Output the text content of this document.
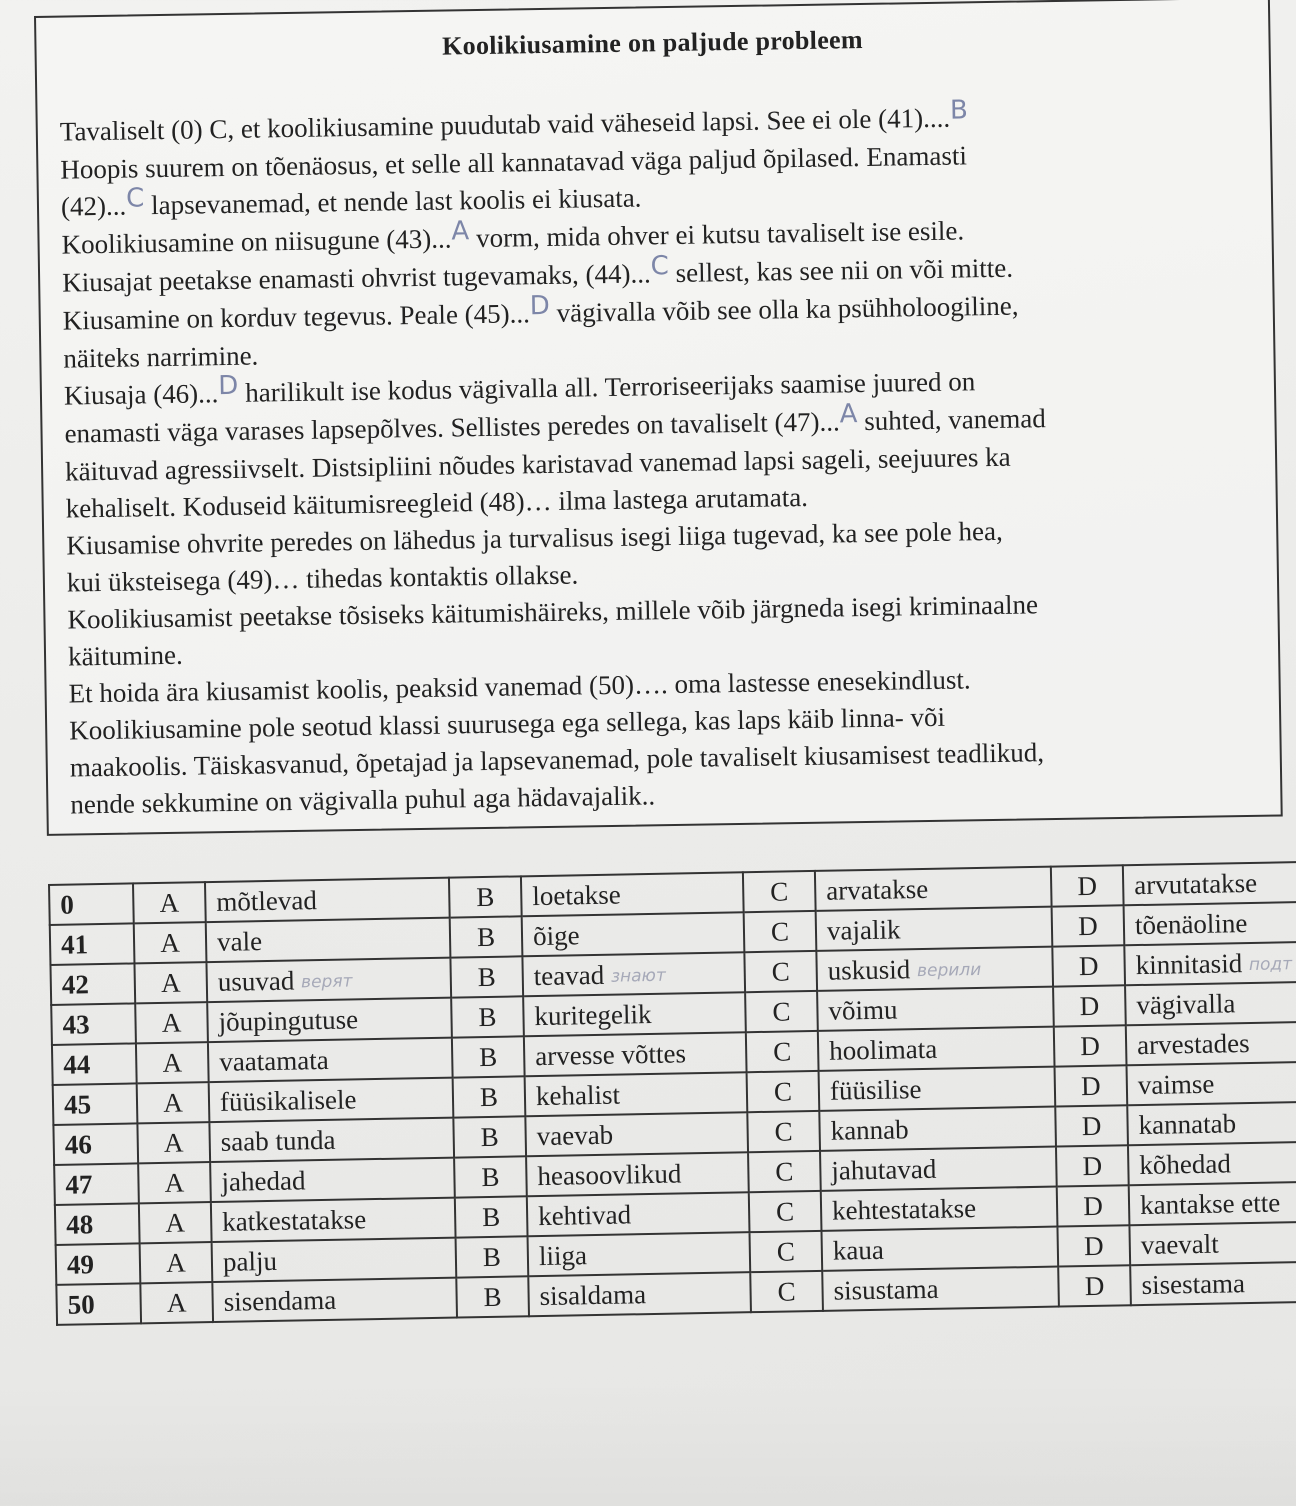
Koolikiusamine on paljude probleem
Tavaliselt (0) C, et koolikiusamine puudutab vaid väheseid lapsi. See ei ole (41)....B
Hoopis suurem on tõenäosus, et selle all kannatavad väga paljud õpilased. Enamasti
(42)...C lapsevanemad, et nende last koolis ei kiusata.
Koolikiusamine on niisugune (43)...A vorm, mida ohver ei kutsu tavaliselt ise esile.
Kiusajat peetakse enamasti ohvrist tugevamaks, (44)...C sellest, kas see nii on või mitte.
Kiusamine on korduv tegevus. Peale (45)...D vägivalla võib see olla ka psühholoogiline,
näiteks narrimine.
Kiusaja (46)...D harilikult ise kodus vägivalla all. Terroriseerijaks saamise juured on
enamasti väga varases lapsepõlves. Sellistes peredes on tavaliselt (47)...A suhted, vanemad
käituvad agressiivselt. Distsipliini nõudes karistavad vanemad lapsi sageli, seejuures ka
kehaliselt. Koduseid käitumisreegleid (48)… ilma lastega arutamata.
Kiusamise ohvrite peredes on lähedus ja turvalisus isegi liiga tugevad, ka see pole hea,
kui üksteisega (49)… tihedas kontaktis ollakse.
Koolikiusamist peetakse tõsiseks käitumishäireks, millele võib järgneda isegi kriminaalne
käitumine.
Et hoida ära kiusamist koolis, peaksid vanemad (50)…. oma lastesse enesekindlust.
Koolikiusamine pole seotud klassi suurusega ega sellega, kas laps käib linna- või
maakoolis. Täiskasvanud, õpetajad ja lapsevanemad, pole tavaliselt kiusamisest teadlikud,
nende sekkumine on vägivalla puhul aga hädavajalik..
0	A	mõtlevad	B	loetakse	C	arvatakse	D	arvutatakse
41	A	vale	B	õige	C	vajalik	D	tõenäoline
42	A	usuvad верят	B	teavad знают	C	uskusid верили	D	kinnitasid подт
43	A	jõupingutuse	B	kuritegelik	C	võimu	D	vägivalla
44	A	vaatamata	B	arvesse võttes	C	hoolimata	D	arvestades
45	A	füüsikalisele	B	kehalist	C	füüsilise	D	vaimse
46	A	saab tunda	B	vaevab	C	kannab	D	kannatab
47	A	jahedad	B	heasoovlikud	C	jahutavad	D	kõhedad
48	A	katkestatakse	B	kehtivad	C	kehtestatakse	D	kantakse ette
49	A	palju	B	liiga	C	kaua	D	vaevalt
50	A	sisendama	B	sisaldama	C	sisustama	D	sisestama
